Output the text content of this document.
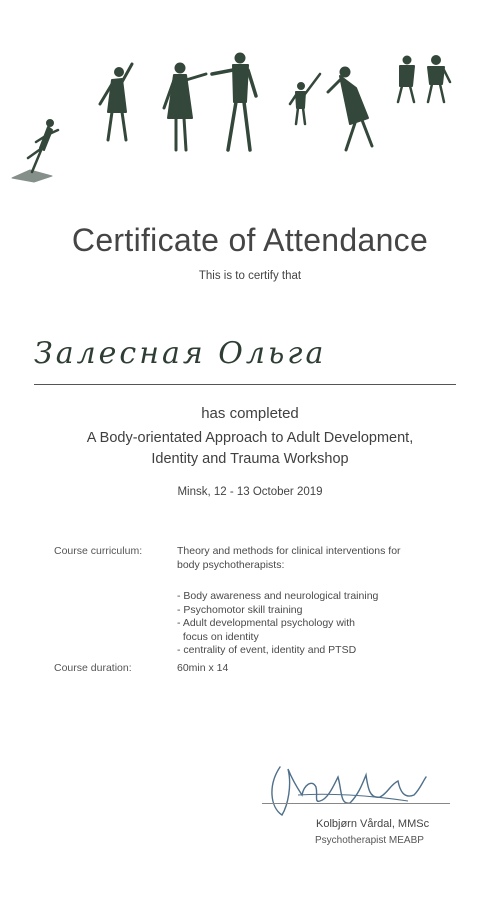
Certificate of Attendance
This is to certify that
Залесная Ольга
has completed
A Body-orientated Approach to Adult Development,
Identity and Trauma Workshop
Minsk, 12 - 13 October 2019
Course curriculum:	Theory and methods for clinical interventions for
body psychotherapists:
- Body awareness and neurological training
- Psychomotor skill training
- Adult developmental psychology with
focus on identity
- centrality of event, identity and PTSD
Course duration:	60min x 14
Kolbjørn Vårdal, MMSc
Psychotherapist MEABP
